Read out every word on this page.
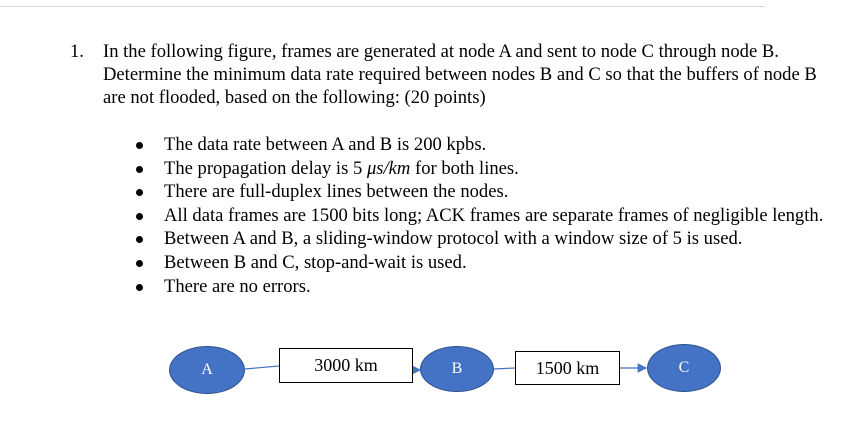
1. In the following figure, frames are generated at node A and sent to node C through node B. Determine the minimum data rate required between nodes B and C so that the buffers of node B are not flooded, based on the following: (20 points)
The data rate between A and B is 200 kpbs.
The propagation delay is 5 μs/km for both lines.
There are full-duplex lines between the nodes.
All data frames are 1500 bits long; ACK frames are separate frames of negligible length.
Between A and B, a sliding-window protocol with a window size of 5 is used.
Between B and C, stop-and-wait is used.
There are no errors.
A	3000 km	B	1500 km	C
